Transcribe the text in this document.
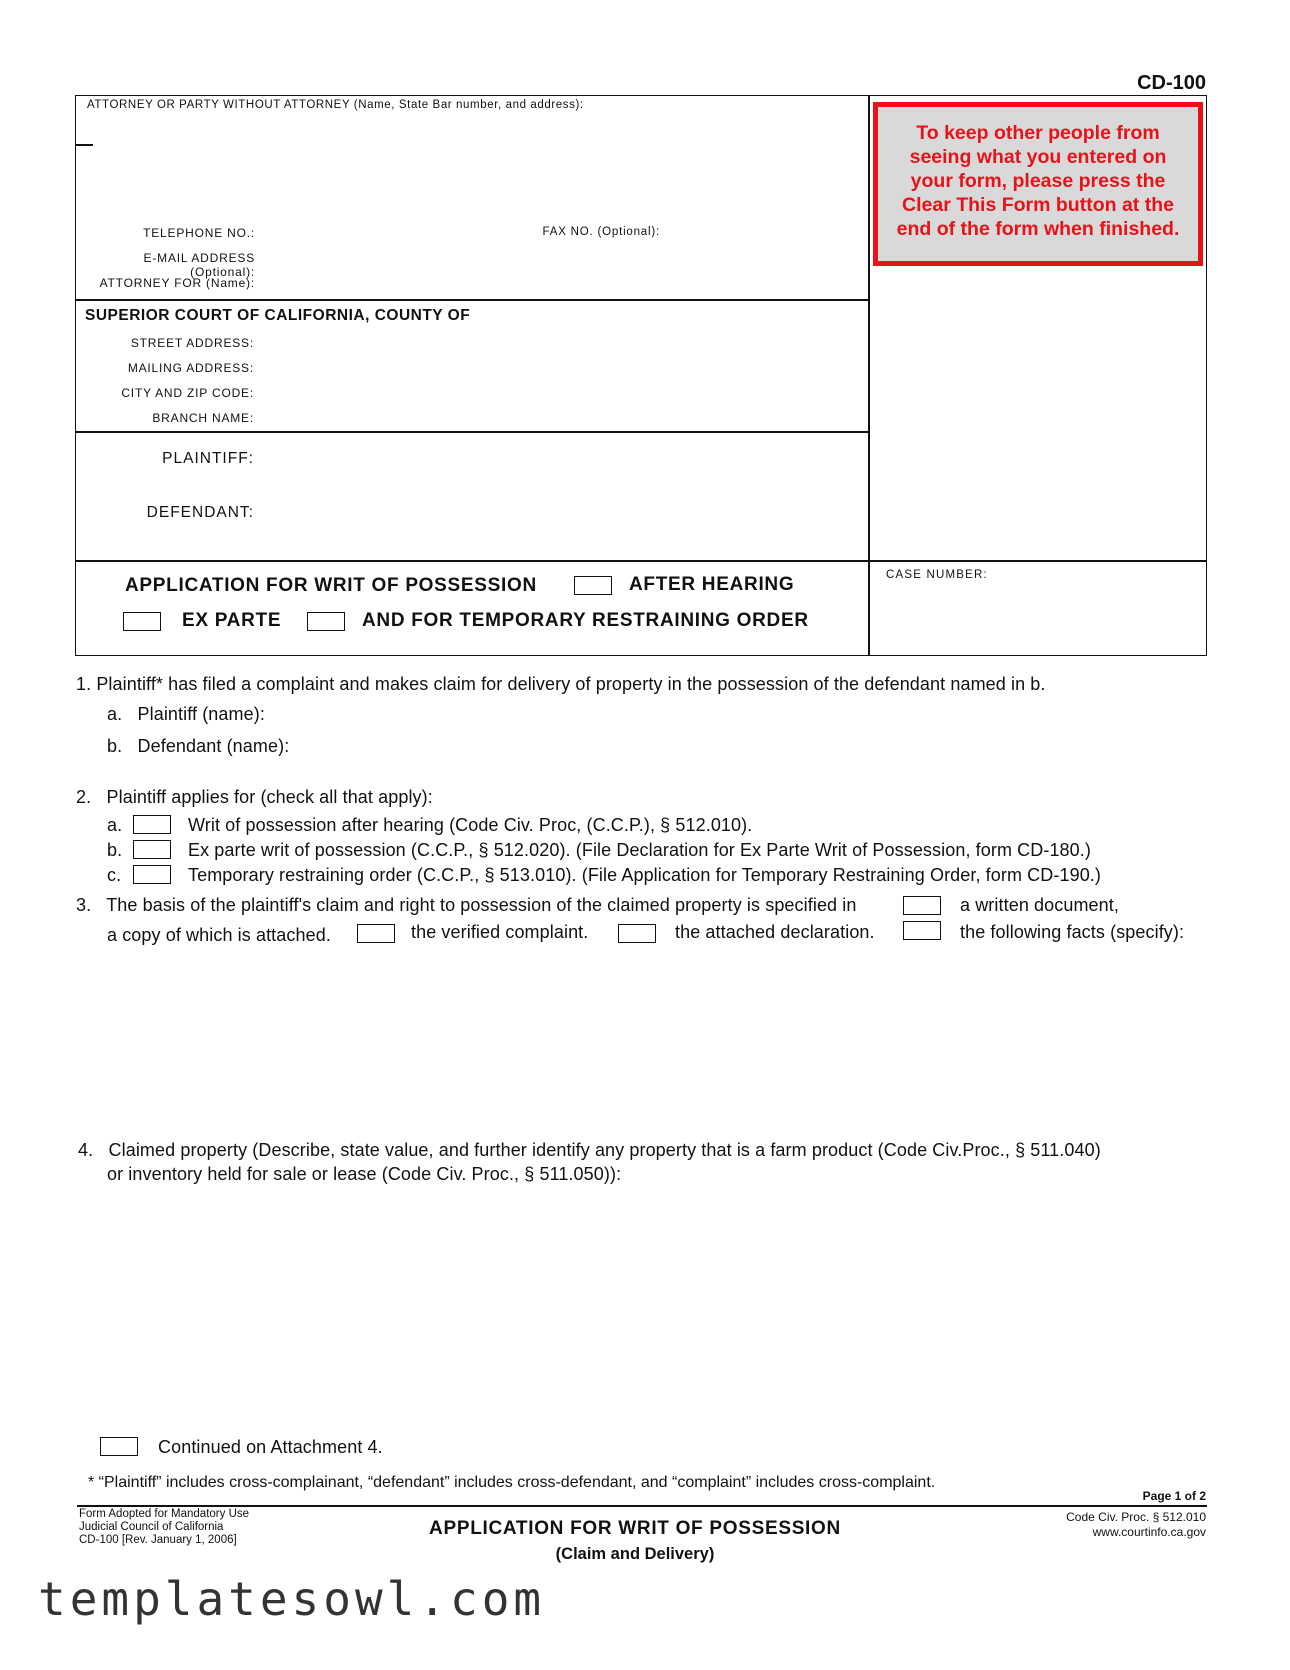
CD-100
ATTORNEY OR PARTY WITHOUT ATTORNEY (Name, State Bar number, and address):
TELEPHONE NO.:	FAX NO. (Optional):
E-MAIL ADDRESS (Optional):
ATTORNEY FOR (Name):
To keep other people from seeing what you entered on your form, please press the Clear This Form button at the end of the form when finished.
SUPERIOR COURT OF CALIFORNIA, COUNTY OF
STREET ADDRESS:
MAILING ADDRESS:
CITY AND ZIP CODE:
BRANCH NAME:
PLAINTIFF:
DEFENDANT:
APPLICATION FOR WRIT OF POSSESSION	AFTER HEARING
EX PARTE	AND FOR TEMPORARY RESTRAINING ORDER
CASE NUMBER:
1. Plaintiff* has filed a complaint and makes claim for delivery of property in the possession of the defendant named in b.
a.   Plaintiff (name):
b.   Defendant (name):
2.   Plaintiff applies for (check all that apply):
a.	Writ of possession after hearing (Code Civ. Proc, (C.C.P.), § 512.010).
b.	Ex parte writ of possession (C.C.P., § 512.020). (File Declaration for Ex Parte Writ of Possession, form CD-180.)
c.	Temporary restraining order (C.C.P., § 513.010). (File Application for Temporary Restraining Order, form CD-190.)
3.   The basis of the plaintiff's claim and right to possession of the claimed property is specified in	a written document,
a copy of which is attached.	the verified complaint.	the attached declaration.	the following facts (specify):
4.   Claimed property (Describe, state value, and further identify any property that is a farm product (Code Civ.Proc., § 511.040)
or inventory held for sale or lease (Code Civ. Proc., § 511.050)):
Continued on Attachment 4.
* “Plaintiff” includes cross-complainant, “defendant” includes cross-defendant, and “complaint” includes cross-complaint.
Page 1 of 2
Form Adopted for Mandatory Use
Judicial Council of California
CD-100 [Rev. January 1, 2006]
APPLICATION FOR WRIT OF POSSESSION
(Claim and Delivery)
Code Civ. Proc. § 512.010
www.courtinfo.ca.gov
templatesowl.com
